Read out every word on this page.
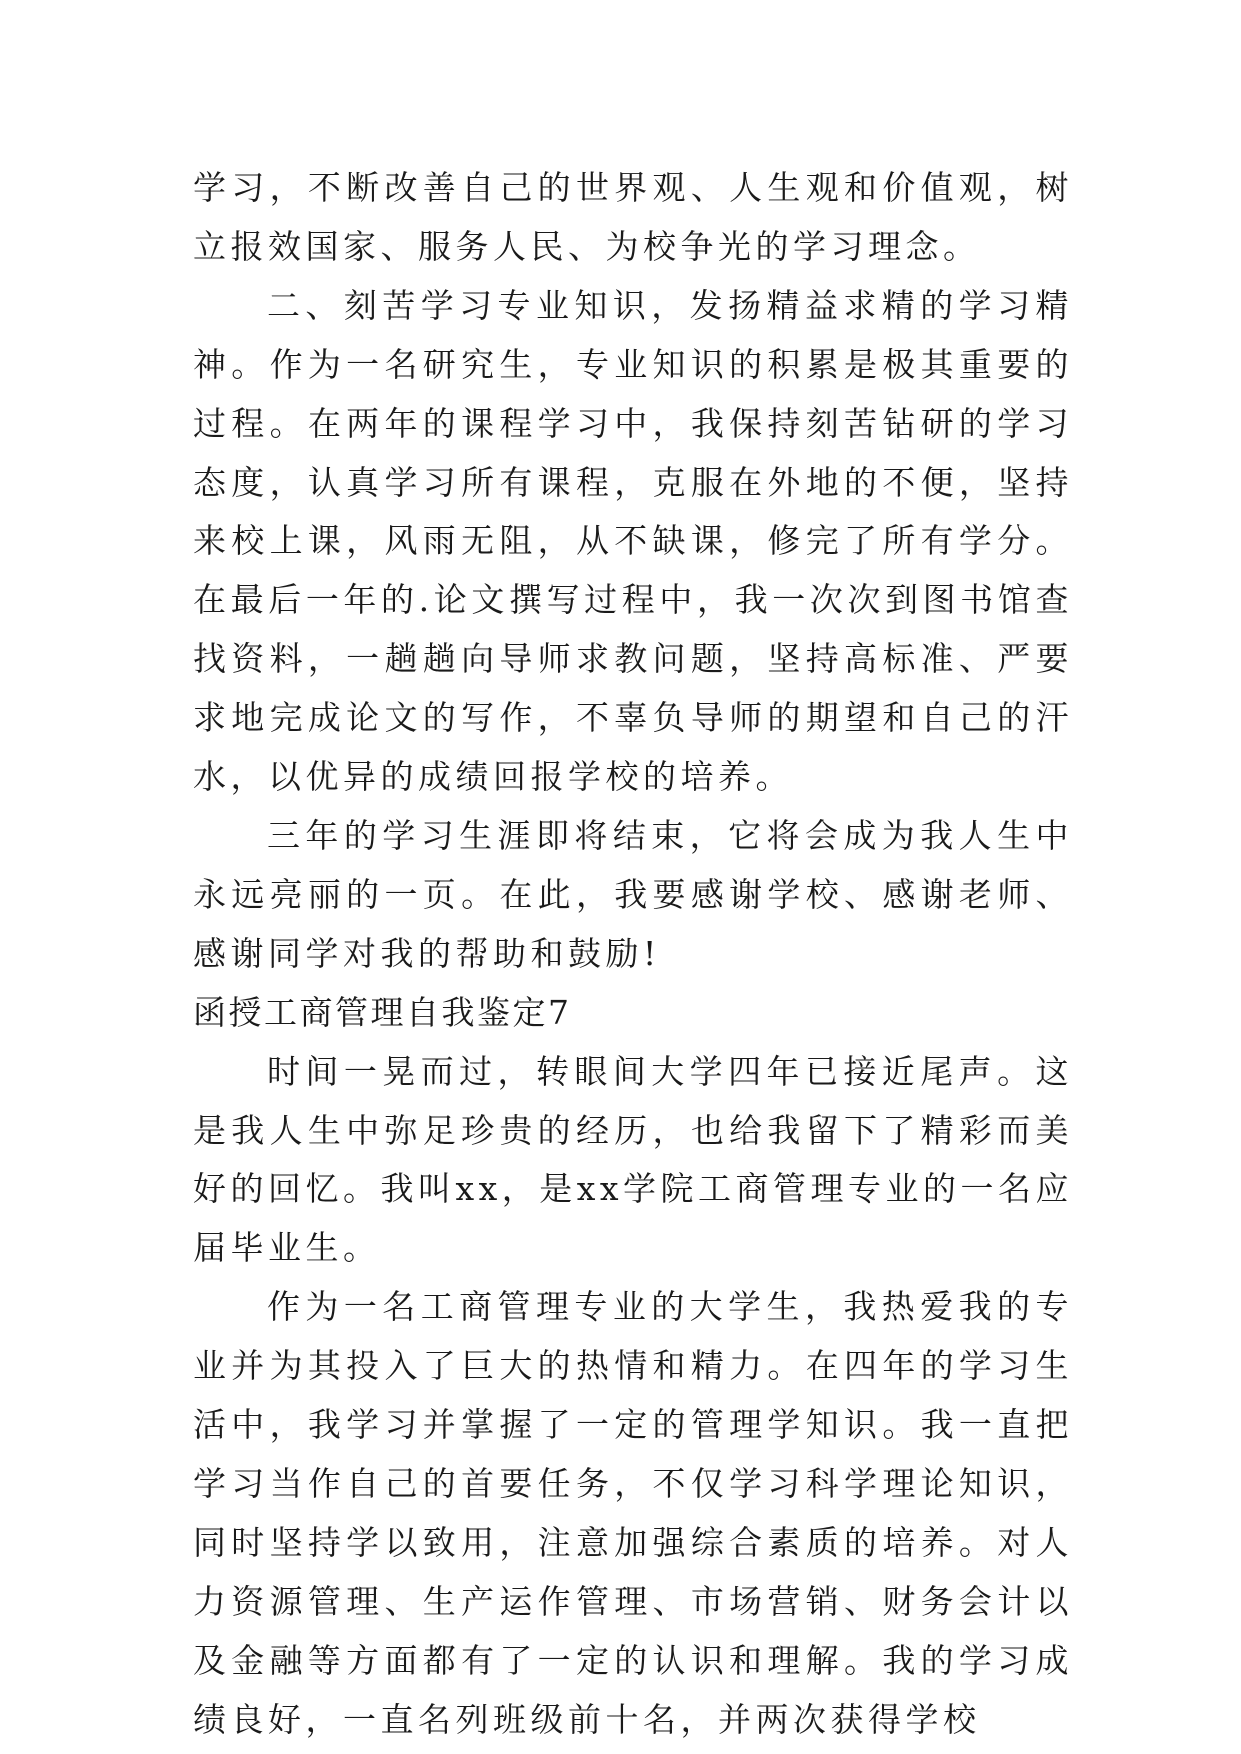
学习，不断改善自己的世界观、人生观和价值观，树立报效国家、服务人民、为校争光的学习理念。

二、刻苦学习专业知识，发扬精益求精的学习精神。作为一名研究生，专业知识的积累是极其重要的过程。在两年的课程学习中，我保持刻苦钻研的学习态度，认真学习所有课程，克服在外地的不便，坚持来校上课，风雨无阻，从不缺课，修完了所有学分。在最后一年的.论文撰写过程中，我一次次到图书馆查找资料，一趟趟向导师求教问题，坚持高标准、严要求地完成论文的写作，不辜负导师的期望和自己的汗水，以优异的成绩回报学校的培养。

三年的学习生涯即将结束，它将会成为我人生中永远亮丽的一页。在此，我要感谢学校、感谢老师、感谢同学对我的帮助和鼓励!

函授工商管理自我鉴定7

时间一晃而过，转眼间大学四年已接近尾声。这是我人生中弥足珍贵的经历，也给我留下了精彩而美好的回忆。我叫xx，是xx学院工商管理专业的一名应届毕业生。

作为一名工商管理专业的大学生，我热爱我的专业并为其投入了巨大的热情和精力。在四年的学习生活中，我学习并掌握了一定的管理学知识。我一直把学习当作自己的首要任务，不仅学习科学理论知识，同时坚持学以致用，注意加强综合素质的培养。对人力资源管理、生产运作管理、市场营销、财务会计以及金融等方面都有了一定的认识和理解。我的学习成绩良好，一直名列班级前十名，并两次获得学校
